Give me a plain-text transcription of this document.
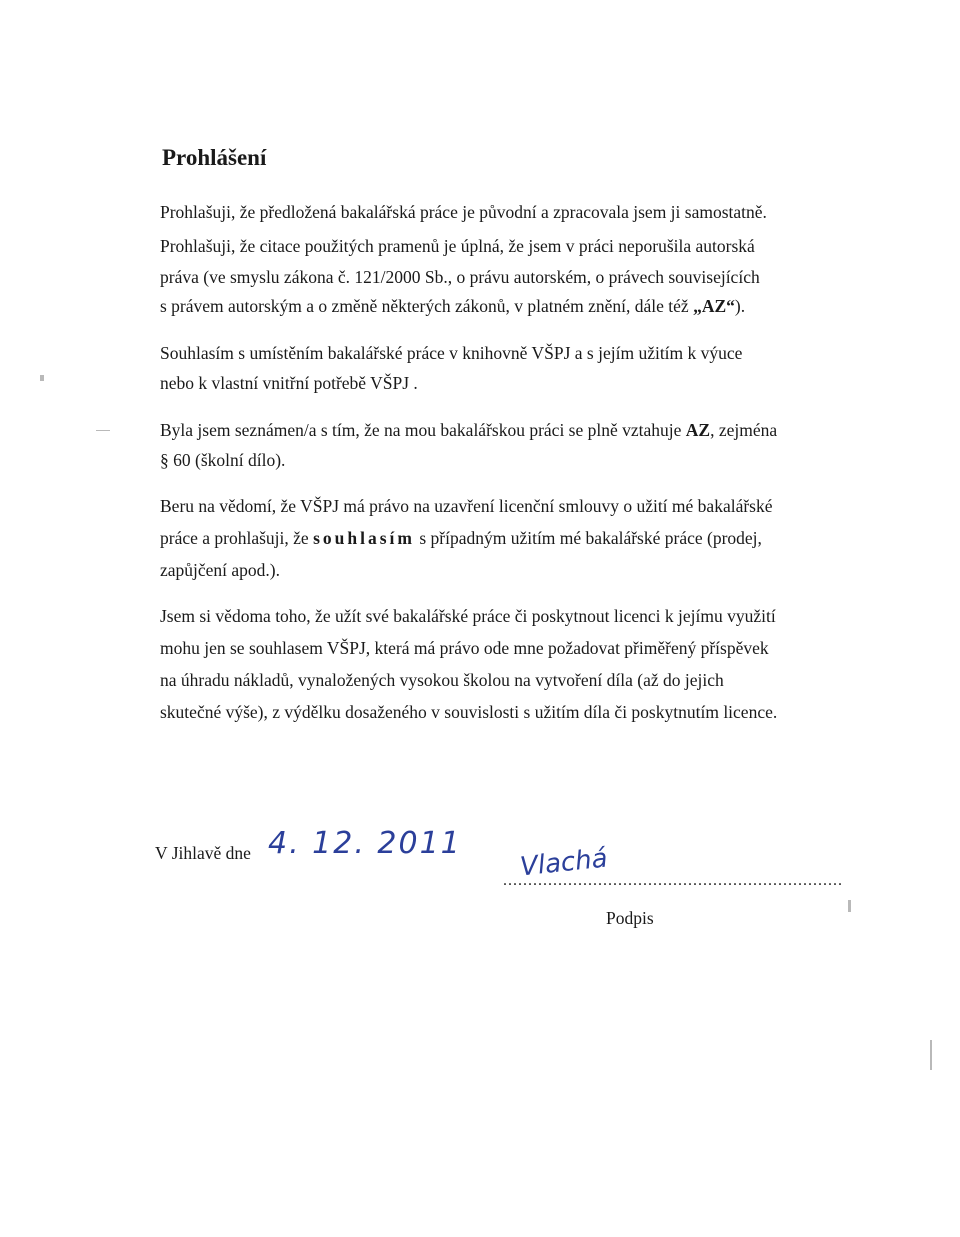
Prohlášení

Prohlašuji, že předložená bakalářská práce je původní a zpracovala jsem ji samostatně.

Prohlašuji, že citace použitých pramenů je úplná, že jsem v práci neporušila autorská

práva (ve smyslu zákona č. 121/2000 Sb., o právu autorském, o právech souvisejících

s právem autorským a o změně některých zákonů, v platném znění, dále též „AZ“).

Souhlasím s umístěním bakalářské práce v knihovně VŠPJ a s jejím užitím k výuce

nebo k vlastní vnitřní potřebě VŠPJ .

Byla jsem seznámen/a s tím, že na mou bakalářskou práci se plně vztahuje AZ, zejména

§ 60 (školní dílo).

Beru na vědomí, že VŠPJ má právo na uzavření licenční smlouvy o užití mé bakalářské

práce a prohlašuji, že souhlasím s případným užitím mé bakalářské práce (prodej,

zapůjčení apod.).

Jsem si vědoma toho, že užít své bakalářské práce či poskytnout licenci k jejímu využití

mohu jen se souhlasem VŠPJ, která má právo ode mne požadovat přiměřený příspěvek

na úhradu nákladů, vynaložených vysokou školou na vytvoření díla (až do jejich

skutečné výše), z výdělku dosaženého v souvislosti s užitím díla či poskytnutím licence.

V Jihlavě dne 4. 12. 2011
Vlachá
....................................................................
Podpis
